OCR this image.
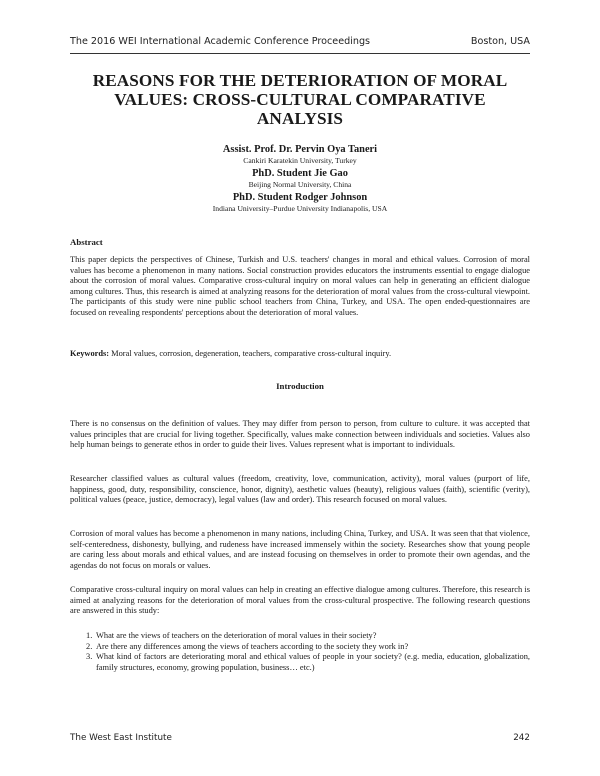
The 2016 WEI International Academic Conference Proceedings	Boston, USA
REASONS FOR THE DETERIORATION OF MORAL VALUES: CROSS-CULTURAL COMPARATIVE ANALYSIS
Assist. Prof. Dr. Pervin Oya Taneri
Cankiri Karatekin University, Turkey
PhD. Student Jie Gao
Beijing Normal University, China
PhD. Student Rodger Johnson
Indiana University–Purdue University Indianapolis, USA
Abstract
This paper depicts the perspectives of Chinese, Turkish and U.S. teachers' changes in moral and ethical values. Corrosion of moral values has become a phenomenon in many nations. Social construction provides educators the instruments essential to engage dialogue about the corrosion of moral values. Comparative cross-cultural inquiry on moral values can help in generating an efficient dialogue among cultures. Thus, this research is aimed at analyzing reasons for the deterioration of moral values from the cross-cultural viewpoint. The participants of this study were nine public school teachers from China, Turkey, and USA. The open ended-questionnaires are focused on revealing respondents' perceptions about the deterioration of moral values.
Keywords: Moral values, corrosion, degeneration, teachers, comparative cross-cultural inquiry.
Introduction
There is no consensus on the definition of values. They may differ from person to person, from culture to culture. it was accepted that values principles that are crucial for living together. Specifically, values make connection between individuals and societies. Values also help human beings to generate ethos in order to guide their lives. Values represent what is important to individuals.
Researcher classified values as cultural values (freedom, creativity, love, communication, activity), moral values (purport of life, happiness, good, duty, responsibility, conscience, honor, dignity), aesthetic values (beauty), religious values (faith), scientific (verity), political values (peace, justice, democracy), legal values (law and order). This research focused on moral values.
Corrosion of moral values has become a phenomenon in many nations, including China, Turkey, and USA. It was seen that that violence, self-centeredness, dishonesty, bullying, and rudeness have increased immensely within the society. Researches show that young people are caring less about morals and ethical values, and are instead focusing on themselves in order to promote their own agendas, and the agendas do not focus on morals or values.
Comparative cross-cultural inquiry on moral values can help in creating an effective dialogue among cultures. Therefore, this research is aimed at analyzing reasons for the deterioration of moral values from the cross-cultural prospective. The following research questions are answered in this study:
1. What are the views of teachers on the deterioration of moral values in their society?
2. Are there any differences among the views of teachers according to the society they work in?
3. What kind of factors are deteriorating moral and ethical values of people in your society? (e.g. media, education, globalization, family structures, economy, growing population, business… etc.)
The West East Institute	242
